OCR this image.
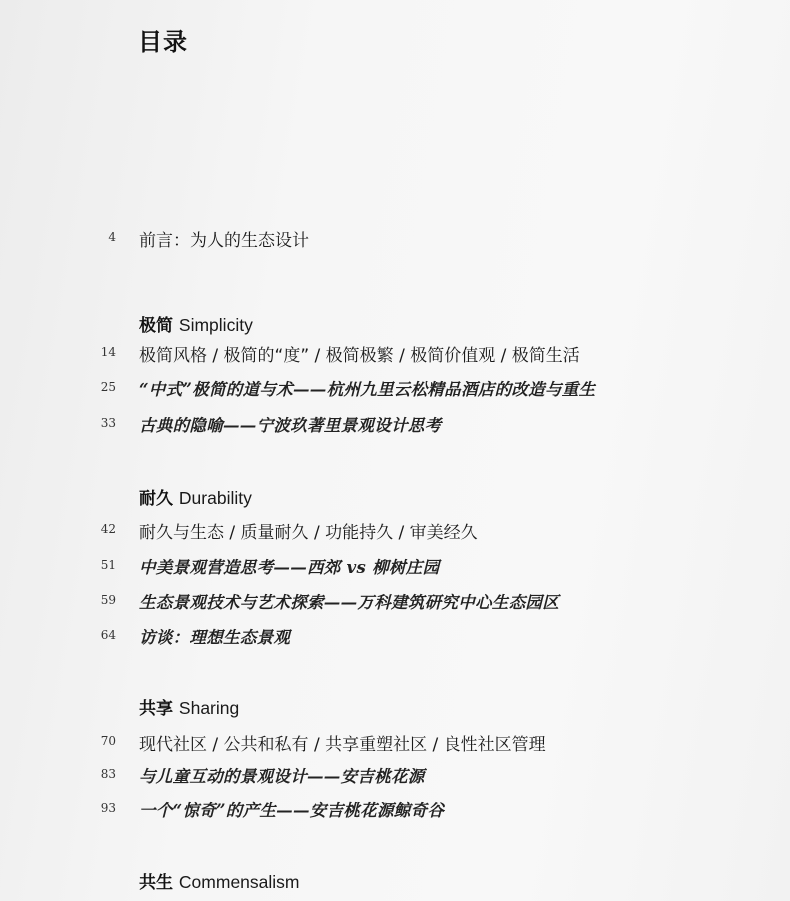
目录
4 前言：为人的生态设计
极简 Simplicity
14 极简风格 / 极简的“度” / 极简极繁 / 极简价值观 / 极简生活
25 “中式”极简的道与术——杭州九里云松精品酒店的改造与重生
33 古典的隐喻——宁波玖著里景观设计思考
耐久 Durability
42 耐久与生态 / 质量耐久 / 功能持久 / 审美经久
51 中美景观营造思考——西郊 vs 柳树庄园
59 生态景观技术与艺术探索——万科建筑研究中心生态园区
64 访谈：理想生态景观
共享 Sharing
70 现代社区 / 公共和私有 / 共享重塑社区 / 良性社区管理
83 与儿童互动的景观设计——安吉桃花源
93 一个“惊奇”的产生——安吉桃花源鲸奇谷
共生 Commensalism
